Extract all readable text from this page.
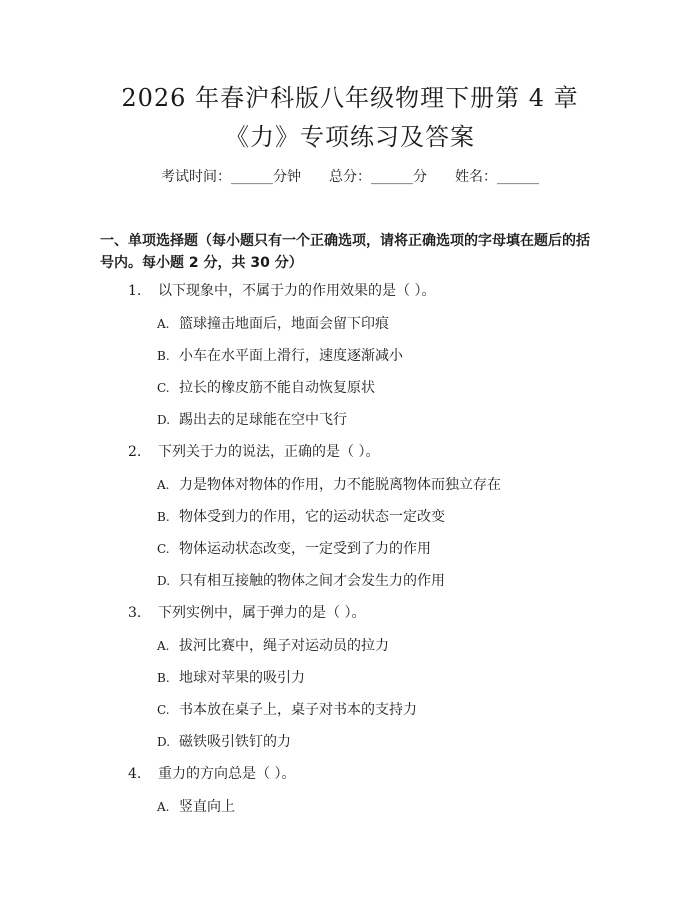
2026 年春沪科版八年级物理下册第 4 章
《力》专项练习及答案
考试时间：______分钟 总分：______分 姓名：______
一、单项选择题（每小题只有一个正确选项，请将正确选项的字母填在题后的括号内。每小题 2 分，共 30 分）
1. 以下现象中，不属于力的作用效果的是（ ）。
A. 篮球撞击地面后，地面会留下印痕
B. 小车在水平面上滑行，速度逐渐减小
C. 拉长的橡皮筋不能自动恢复原状
D. 踢出去的足球能在空中飞行
2. 下列关于力的说法，正确的是（ ）。
A. 力是物体对物体的作用，力不能脱离物体而独立存在
B. 物体受到力的作用，它的运动状态一定改变
C. 物体运动状态改变，一定受到了力的作用
D. 只有相互接触的物体之间才会发生力的作用
3. 下列实例中，属于弹力的是（ ）。
A. 拔河比赛中，绳子对运动员的拉力
B. 地球对苹果的吸引力
C. 书本放在桌子上，桌子对书本的支持力
D. 磁铁吸引铁钉的力
4. 重力的方向总是（ ）。
A. 竖直向上
